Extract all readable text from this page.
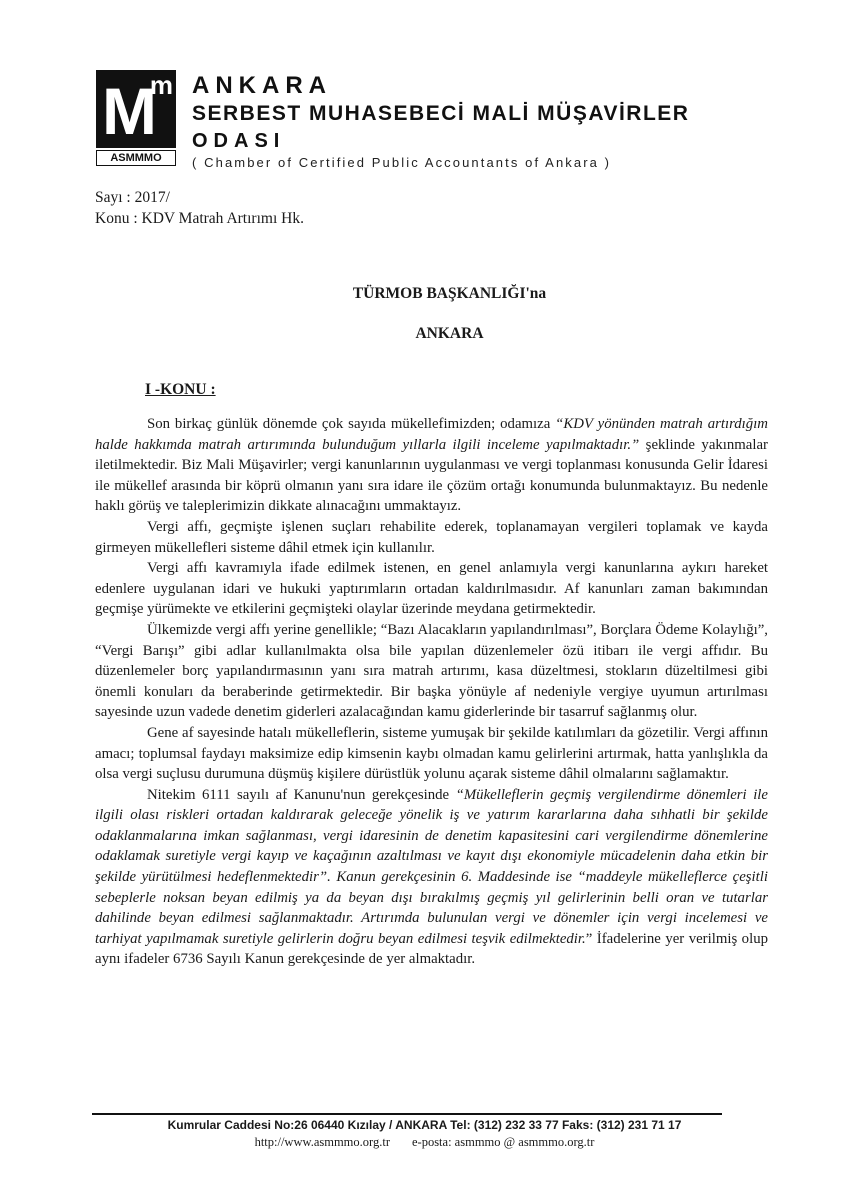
M
m
ASMMMO
ANKARA
SERBEST MUHASEBECİ MALİ MÜŞAVİRLER
ODASI
( Chamber of Certified Public Accountants of Ankara )
Sayı : 2017/
Konu : KDV Matrah Artırımı Hk.
TÜRMOB BAŞKANLIĞI'na
ANKARA
I -KONU :

Son birkaç günlük dönemde çok sayıda mükellefimizden; odamıza “KDV yönünden matrah artırdığım halde hakkımda matrah artırımında bulunduğum yıllarla ilgili inceleme yapılmaktadır.” şeklinde yakınmalar iletilmektedir. Biz Mali Müşavirler; vergi kanunlarının uygulanması ve vergi toplanması konusunda Gelir İdaresi ile mükellef arasında bir köprü olmanın yanı sıra idare ile çözüm ortağı konumunda bulunmaktayız. Bu nedenle haklı görüş ve taleplerimizin dikkate alınacağını ummaktayız.

Vergi affı, geçmişte işlenen suçları rehabilite ederek, toplanamayan vergileri toplamak ve kayda girmeyen mükellefleri sisteme dâhil etmek için kullanılır.

Vergi affı kavramıyla ifade edilmek istenen, en genel anlamıyla vergi kanunlarına aykırı hareket edenlere uygulanan idari ve hukuki yaptırımların ortadan kaldırılmasıdır. Af kanunları zaman bakımından geçmişe yürümekte ve etkilerini geçmişteki olaylar üzerinde meydana getirmektedir.

Ülkemizde vergi affı yerine genellikle; “Bazı Alacakların yapılandırılması”, Borçlara Ödeme Kolaylığı”, “Vergi Barışı” gibi adlar kullanılmakta olsa bile yapılan düzenlemeler özü itibarı ile vergi affıdır. Bu düzenlemeler borç yapılandırmasının yanı sıra matrah artırımı, kasa düzeltmesi, stokların düzeltilmesi gibi önemli konuları da beraberinde getirmektedir. Bir başka yönüyle af nedeniyle vergiye uyumun artırılması sayesinde uzun vadede denetim giderleri azalacağından kamu giderlerinde bir tasarruf sağlanmış olur.

Gene af sayesinde hatalı mükelleflerin, sisteme yumuşak bir şekilde katılımları da gözetilir. Vergi affının amacı; toplumsal faydayı maksimize edip kimsenin kaybı olmadan kamu gelirlerini artırmak, hatta yanlışlıkla da olsa vergi suçlusu durumuna düşmüş kişilere dürüstlük yolunu açarak sisteme dâhil olmalarını sağlamaktır.

Nitekim 6111 sayılı af Kanunu'nun gerekçesinde “Mükelleflerin geçmiş vergilendirme dönemleri ile ilgili olası riskleri ortadan kaldırarak geleceğe yönelik iş ve yatırım kararlarına daha sıhhatli bir şekilde odaklanmalarına imkan sağlanması, vergi idaresinin de denetim kapasitesini cari vergilendirme dönemlerine odaklamak suretiyle vergi kayıp ve kaçağının azaltılması ve kayıt dışı ekonomiyle mücadelenin daha etkin bir şekilde yürütülmesi hedeflenmektedir”. Kanun gerekçesinin 6. Maddesinde ise “maddeyle mükelleflerce çeşitli sebeplerle noksan beyan edilmiş ya da beyan dışı bırakılmış geçmiş yıl gelirlerinin belli oran ve tutarlar dahilinde beyan edilmesi sağlanmaktadır. Artırımda bulunulan vergi ve dönemler için vergi incelemesi ve tarhiyat yapılmamak suretiyle gelirlerin doğru beyan edilmesi teşvik edilmektedir.” İfadelerine yer verilmiş olup aynı ifadeler 6736 Sayılı Kanun gerekçesinde de yer almaktadır.

Kumrular Caddesi No:26 06440 Kızılay / ANKARA Tel: (312) 232 33 77 Faks: (312) 231 71 17
http://www.asmmmo.org.tr e-posta: asmmmo @ asmmmo.org.tr
